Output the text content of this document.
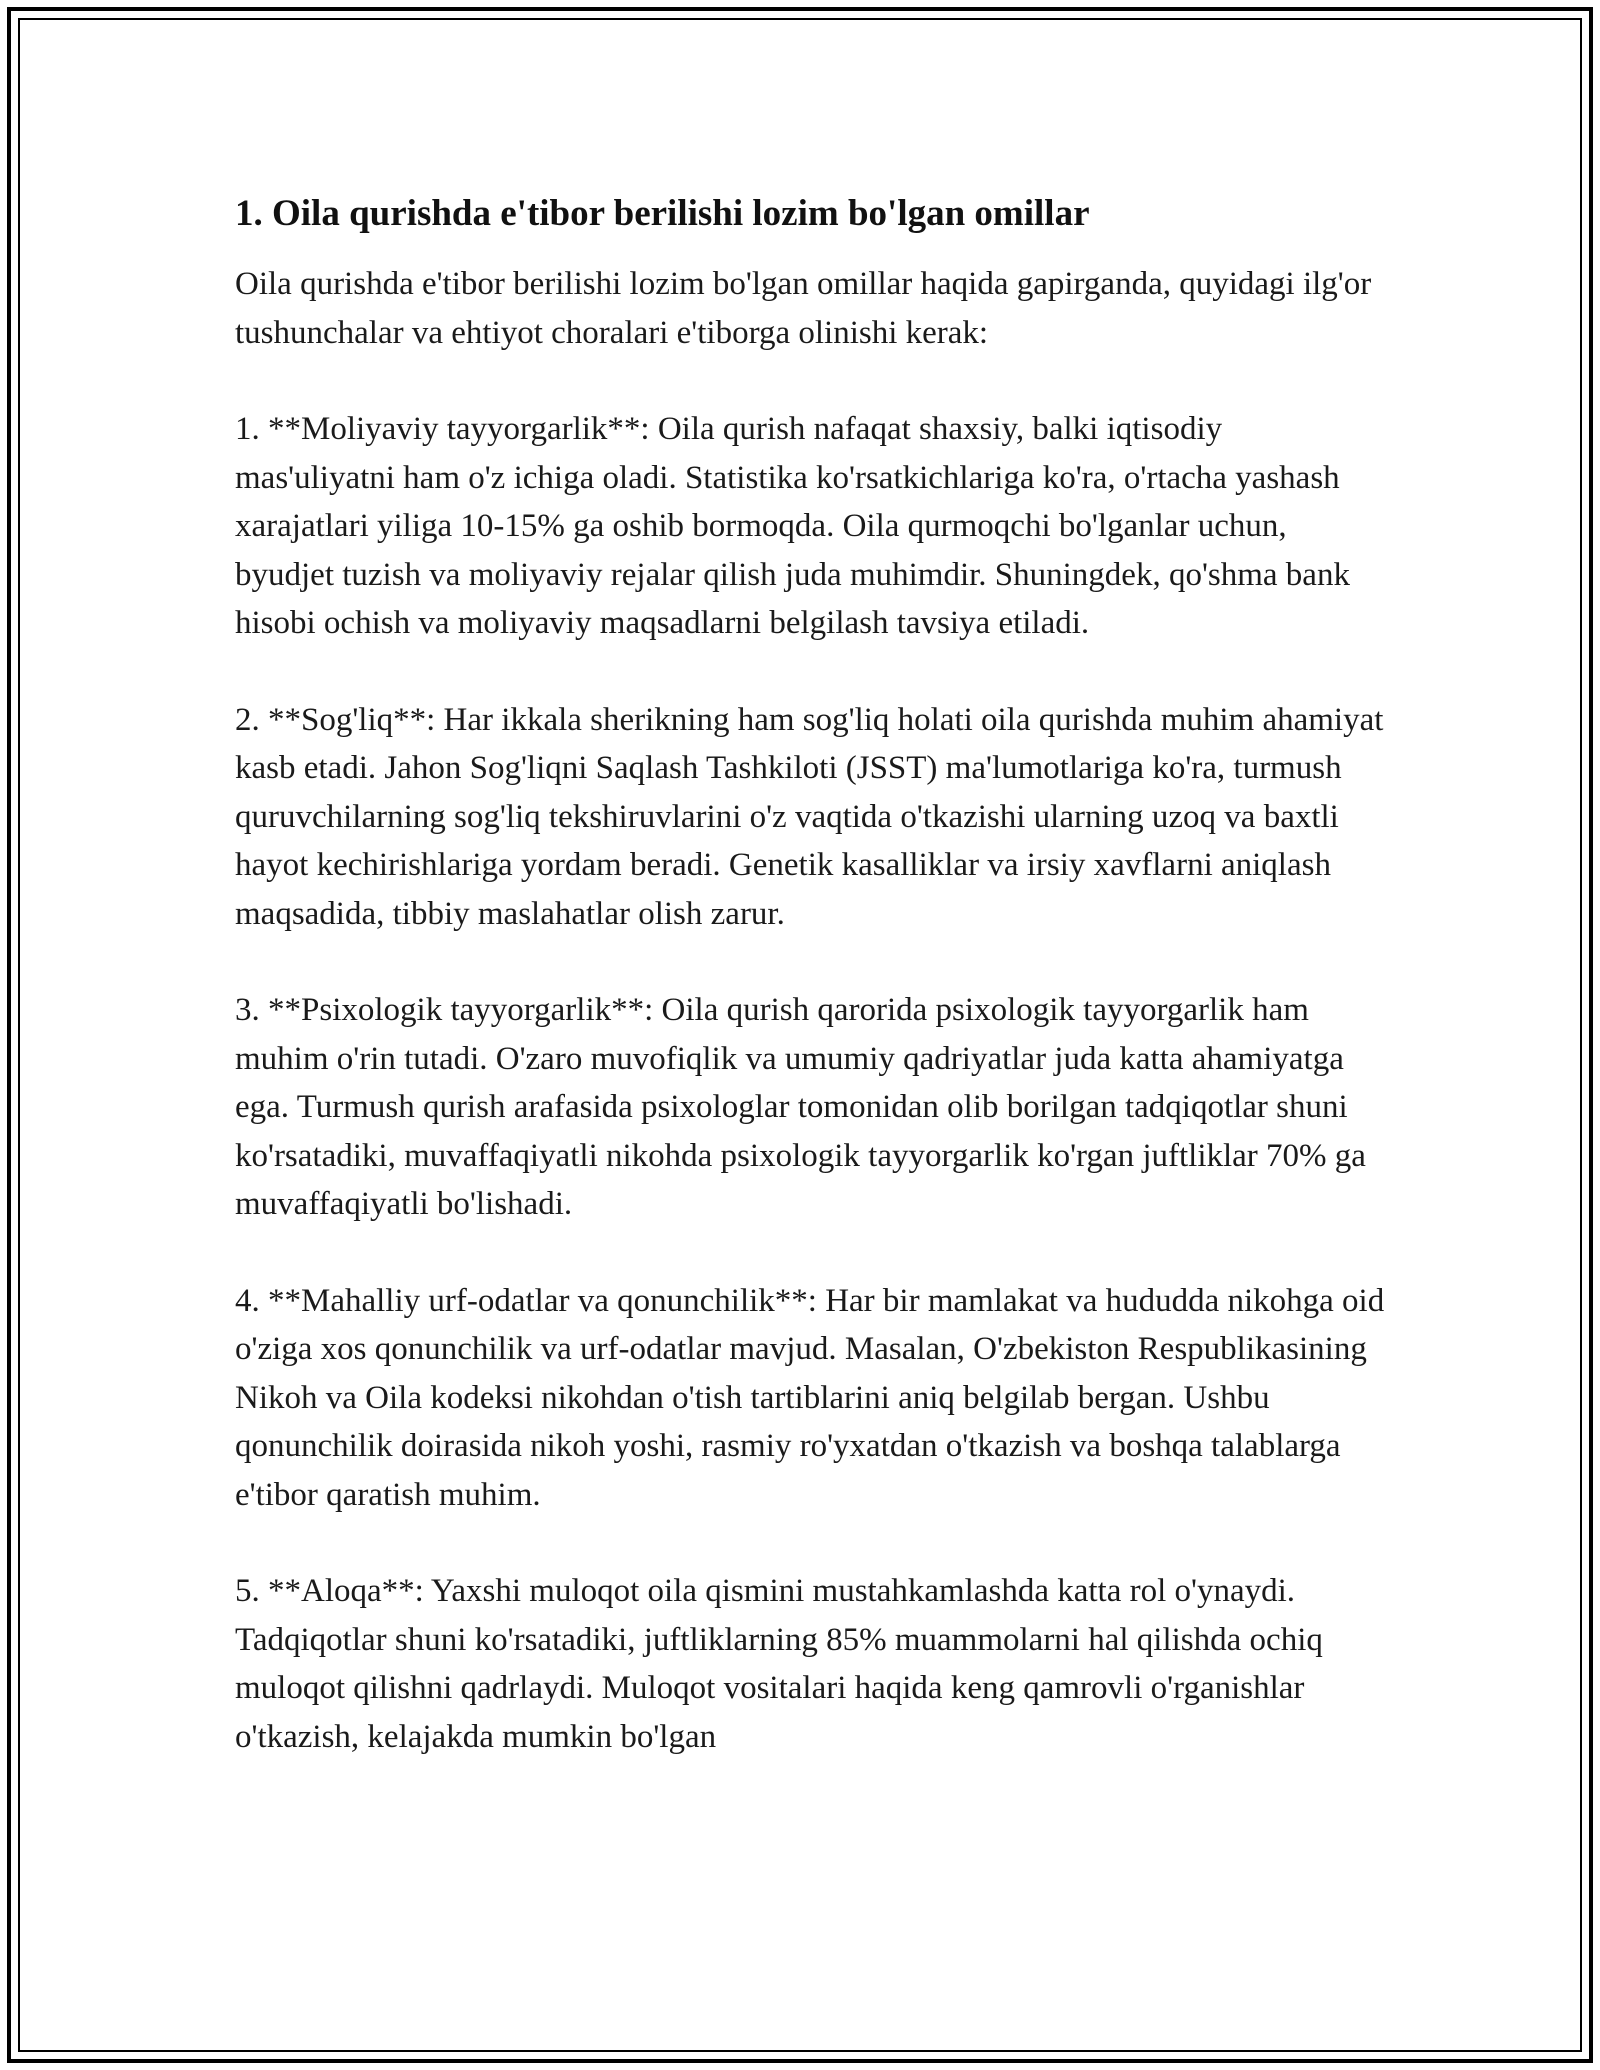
1. Oila qurishda e'tibor berilishi lozim bo'lgan omillar

Oila qurishda e'tibor berilishi lozim bo'lgan omillar haqida gapirganda, quyidagi ilg'or tushunchalar va ehtiyot choralari e'tiborga olinishi kerak:

1. **Moliyaviy tayyorgarlik**: Oila qurish nafaqat shaxsiy, balki iqtisodiy mas'uliyatni ham o'z ichiga oladi. Statistika ko'rsatkichlariga ko'ra, o'rtacha yashash xarajatlari yiliga 10-15% ga oshib bormoqda. Oila qurmoqchi bo'lganlar uchun, byudjet tuzish va moliyaviy rejalar qilish juda muhimdir. Shuningdek, qo'shma bank hisobi ochish va moliyaviy maqsadlarni belgilash tavsiya etiladi.

2. **Sog'liq**: Har ikkala sherikning ham sog'liq holati oila qurishda muhim ahamiyat kasb etadi. Jahon Sog'liqni Saqlash Tashkiloti (JSST) ma'lumotlariga ko'ra, turmush quruvchilarning sog'liq tekshiruvlarini o'z vaqtida o'tkazishi ularning uzoq va baxtli hayot kechirishlariga yordam beradi. Genetik kasalliklar va irsiy xavflarni aniqlash maqsadida, tibbiy maslahatlar olish zarur.

3. **Psixologik tayyorgarlik**: Oila qurish qarorida psixologik tayyorgarlik ham muhim o'rin tutadi. O'zaro muvofiqlik va umumiy qadriyatlar juda katta ahamiyatga ega. Turmush qurish arafasida psixologlar tomonidan olib borilgan tadqiqotlar shuni ko'rsatadiki, muvaffaqiyatli nikohda psixologik tayyorgarlik ko'rgan juftliklar 70% ga muvaffaqiyatli bo'lishadi.

4. **Mahalliy urf-odatlar va qonunchilik**: Har bir mamlakat va hududda nikohga oid o'ziga xos qonunchilik va urf-odatlar mavjud. Masalan, O'zbekiston Respublikasining Nikoh va Oila kodeksi nikohdan o'tish tartiblarini aniq belgilab bergan. Ushbu qonunchilik doirasida nikoh yoshi, rasmiy ro'yxatdan o'tkazish va boshqa talablarga e'tibor qaratish muhim.

5. **Aloqa**: Yaxshi muloqot oila qismini mustahkamlashda katta rol o'ynaydi. Tadqiqotlar shuni ko'rsatadiki, juftliklarning 85% muammolarni hal qilishda ochiq muloqot qilishni qadrlaydi. Muloqot vositalari haqida keng qamrovli o'rganishlar o'tkazish, kelajakda mumkin bo'lgan
